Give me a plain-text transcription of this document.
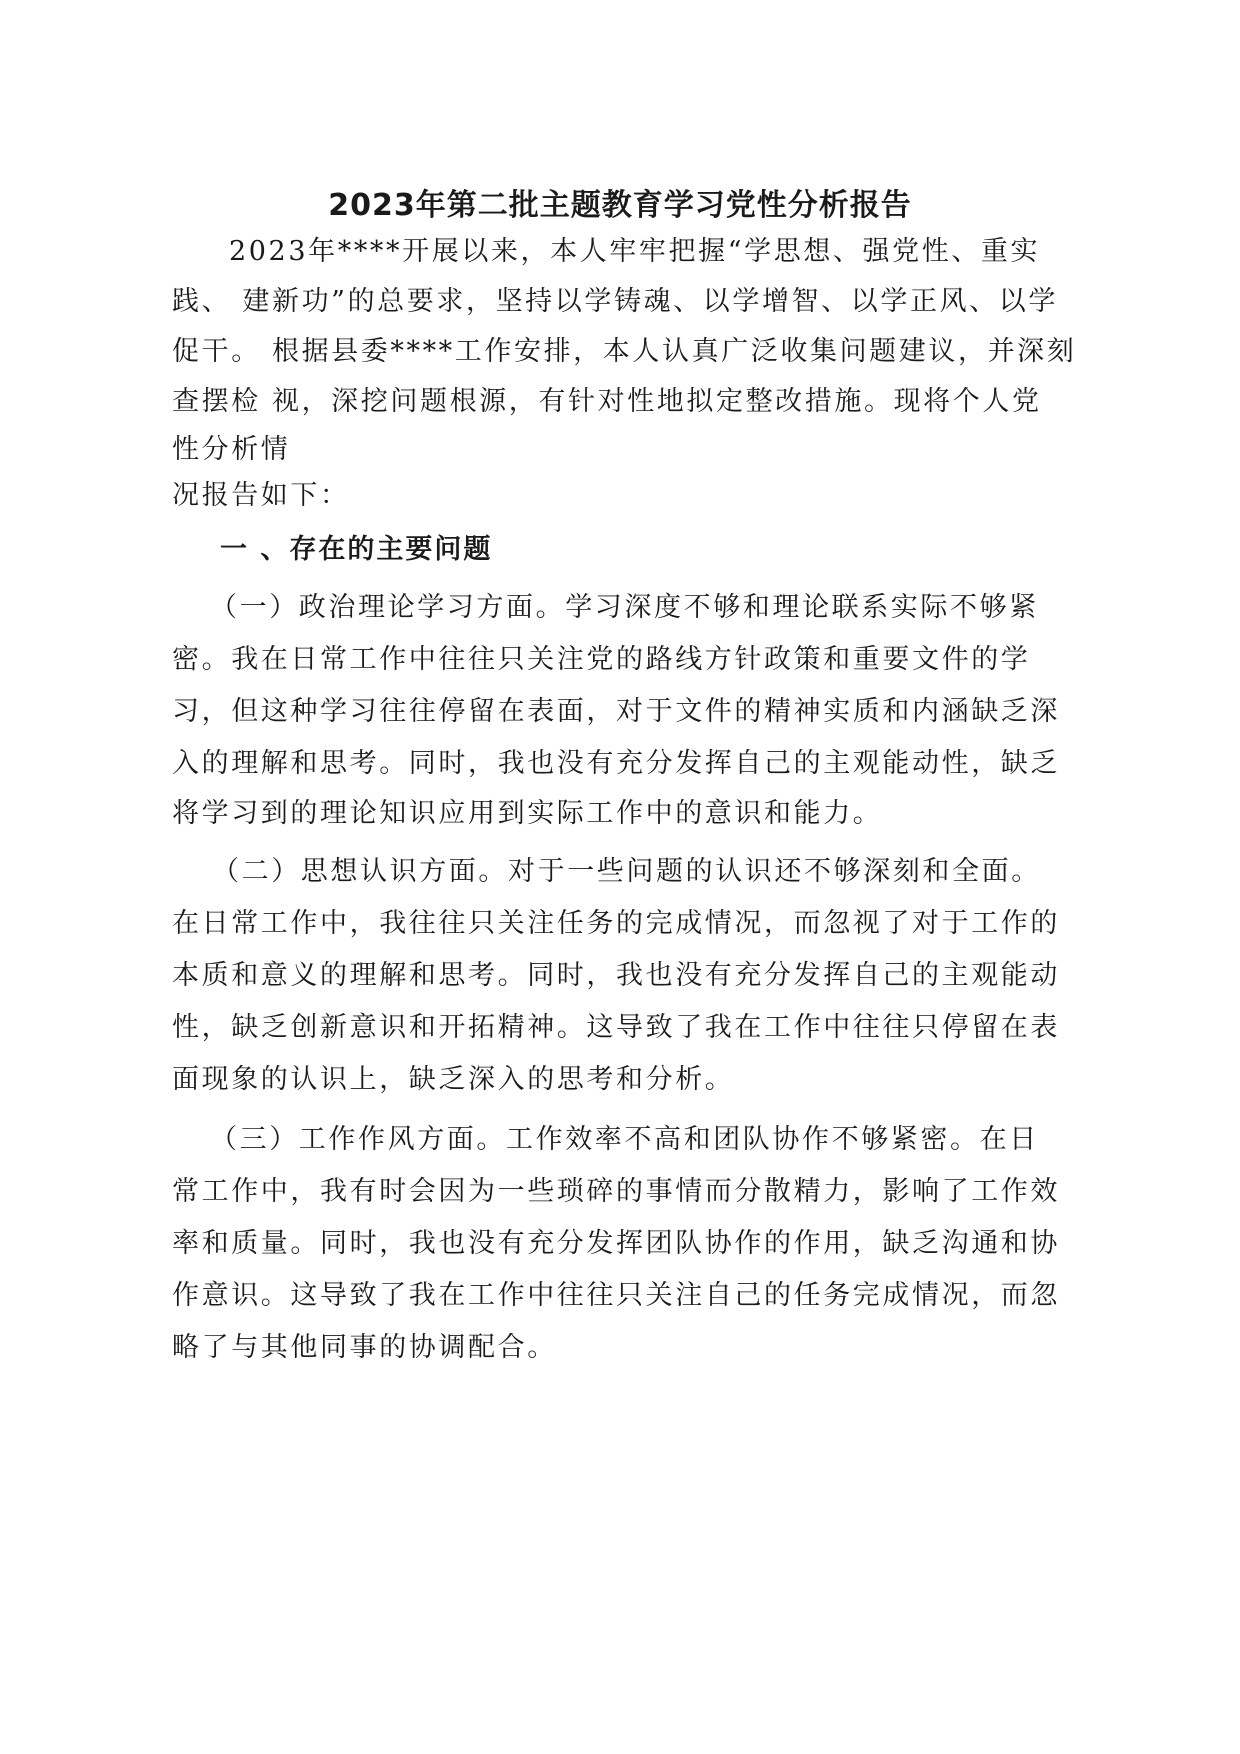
2023年第二批主题教育学习党性分析报告
2023年****开展以来，本人牢牢把握“学思想、强党性、重实
践、 建新功”的总要求，坚持以学铸魂、以学增智、以学正风、以学
促干。 根据县委****工作安排，本人认真广泛收集问题建议，并深刻
查摆检 视，深挖问题根源，有针对性地拟定整改措施。现将个人党
性分析情
况报告如下：
一 、存在的主要问题
（一）政治理论学习方面。学习深度不够和理论联系实际不够紧
密。我在日常工作中往往只关注党的路线方针政策和重要文件的学
习，但这种学习往往停留在表面，对于文件的精神实质和内涵缺乏深
入的理解和思考。同时，我也没有充分发挥自己的主观能动性，缺乏
将学习到的理论知识应用到实际工作中的意识和能力。
（二）思想认识方面。对于一些问题的认识还不够深刻和全面。
在日常工作中，我往往只关注任务的完成情况，而忽视了对于工作的
本质和意义的理解和思考。同时，我也没有充分发挥自己的主观能动
性，缺乏创新意识和开拓精神。这导致了我在工作中往往只停留在表
面现象的认识上，缺乏深入的思考和分析。
（三）工作作风方面。工作效率不高和团队协作不够紧密。在日
常工作中，我有时会因为一些琐碎的事情而分散精力，影响了工作效
率和质量。同时，我也没有充分发挥团队协作的作用，缺乏沟通和协
作意识。这导致了我在工作中往往只关注自己的任务完成情况，而忽
略了与其他同事的协调配合。
